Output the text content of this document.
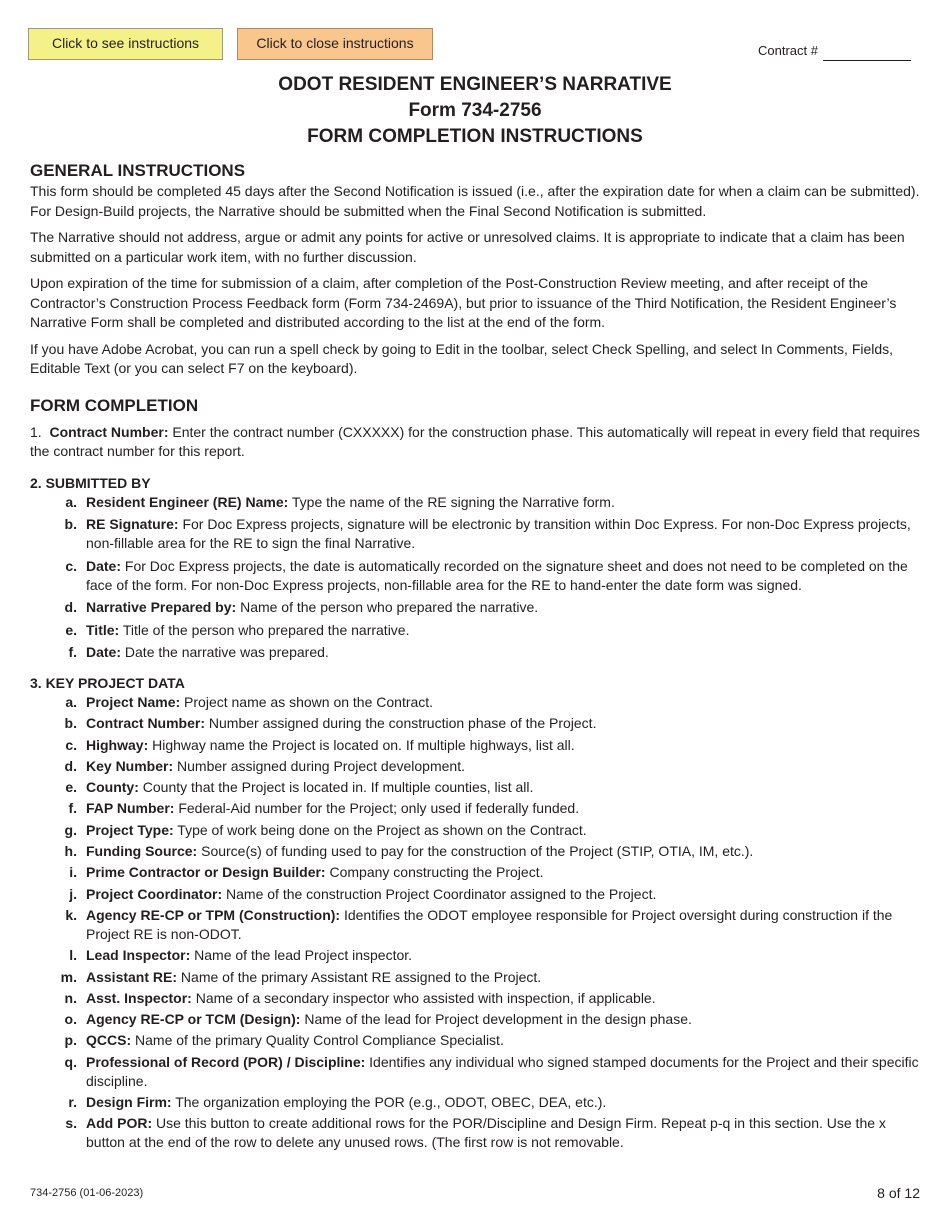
Click to see instructions	Click to close instructions	Contract #
ODOT RESIDENT ENGINEER’S NARRATIVE
Form 734-2756
FORM COMPLETION INSTRUCTIONS
GENERAL INSTRUCTIONS

This form should be completed 45 days after the Second Notification is issued (i.e., after the expiration date for when a claim can be submitted). For Design-Build projects, the Narrative should be submitted when the Final Second Notification is submitted.

The Narrative should not address, argue or admit any points for active or unresolved claims. It is appropriate to indicate that a claim has been submitted on a particular work item, with no further discussion.

Upon expiration of the time for submission of a claim, after completion of the Post-Construction Review meeting, and after receipt of the Contractor’s Construction Process Feedback form (Form 734-2469A), but prior to issuance of the Third Notification, the Resident Engineer’s Narrative Form shall be completed and distributed according to the list at the end of the form.

If you have Adobe Acrobat, you can run a spell check by going to Edit in the toolbar, select Check Spelling, and select In Comments, Fields, Editable Text (or you can select F7 on the keyboard).

FORM COMPLETION
1. Contract Number: Enter the contract number (CXXXXX) for the construction phase. This automatically will repeat in every field that requires the contract number for this report.
2. SUBMITTED BY
a. Resident Engineer (RE) Name: Type the name of the RE signing the Narrative form.
b. RE Signature: For Doc Express projects, signature will be electronic by transition within Doc Express. For non-Doc Express projects, non-fillable area for the RE to sign the final Narrative.
c. Date: For Doc Express projects, the date is automatically recorded on the signature sheet and does not need to be completed on the face of the form. For non-Doc Express projects, non-fillable area for the RE to hand-enter the date form was signed.
d. Narrative Prepared by: Name of the person who prepared the narrative.
e. Title: Title of the person who prepared the narrative.
f. Date: Date the narrative was prepared.
3. KEY PROJECT DATA
a. Project Name: Project name as shown on the Contract.
b. Contract Number: Number assigned during the construction phase of the Project.
c. Highway: Highway name the Project is located on. If multiple highways, list all.
d. Key Number: Number assigned during Project development.
e. County: County that the Project is located in. If multiple counties, list all.
f. FAP Number: Federal-Aid number for the Project; only used if federally funded.
g. Project Type: Type of work being done on the Project as shown on the Contract.
h. Funding Source: Source(s) of funding used to pay for the construction of the Project (STIP, OTIA, IM, etc.).
i. Prime Contractor or Design Builder: Company constructing the Project.
j. Project Coordinator: Name of the construction Project Coordinator assigned to the Project.
k. Agency RE-CP or TPM (Construction): Identifies the ODOT employee responsible for Project oversight during construction if the Project RE is non-ODOT.
l. Lead Inspector: Name of the lead Project inspector.
m. Assistant RE: Name of the primary Assistant RE assigned to the Project.
n. Asst. Inspector: Name of a secondary inspector who assisted with inspection, if applicable.
o. Agency RE-CP or TCM (Design): Name of the lead for Project development in the design phase.
p. QCCS: Name of the primary Quality Control Compliance Specialist.
q. Professional of Record (POR) / Discipline: Identifies any individual who signed stamped documents for the Project and their specific discipline.
r. Design Firm: The organization employing the POR (e.g., ODOT, OBEC, DEA, etc.).
s. Add POR: Use this button to create additional rows for the POR/Discipline and Design Firm. Repeat p-q in this section. Use the x button at the end of the row to delete any unused rows. (The first row is not removable.
734-2756 (01-06-2023)	8 of 12
